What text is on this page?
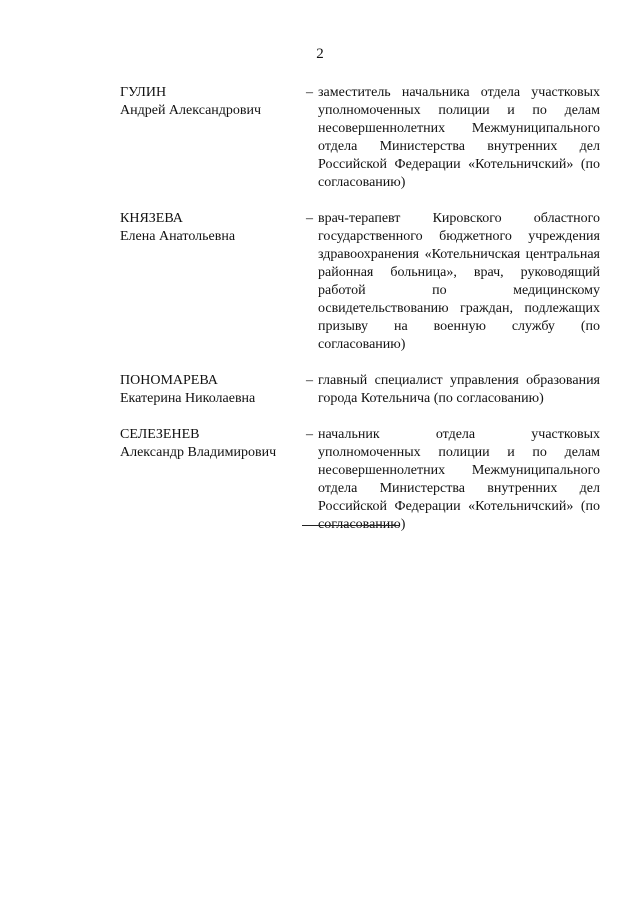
2
ГУЛИН
Андрей Александрович
– заместитель начальника отдела участковых уполномоченных полиции и по делам несовершеннолетних Межмуниципального отдела Министерства внутренних дел Российской Федерации «Котельничский» (по согласованию)
КНЯЗЕВА
Елена Анатольевна
– врач-терапевт Кировского областного государственного бюджетного учреждения здравоохранения «Котельничская центральная районная больница», врач, руководящий работой по медицинскому освидетельствованию граждан, подлежащих призыву на военную службу (по согласованию)
ПОНОМАРЕВА
Екатерина Николаевна
– главный специалист управления образования города Котельнича (по согласованию)
СЕЛЕЗЕНЕВ
Александр Владимирович
– начальник отдела участковых уполномоченных полиции и по делам несовершеннолетних Межмуниципального отдела Министерства внутренних дел Российской Федерации «Котельничский» (по согласованию)
